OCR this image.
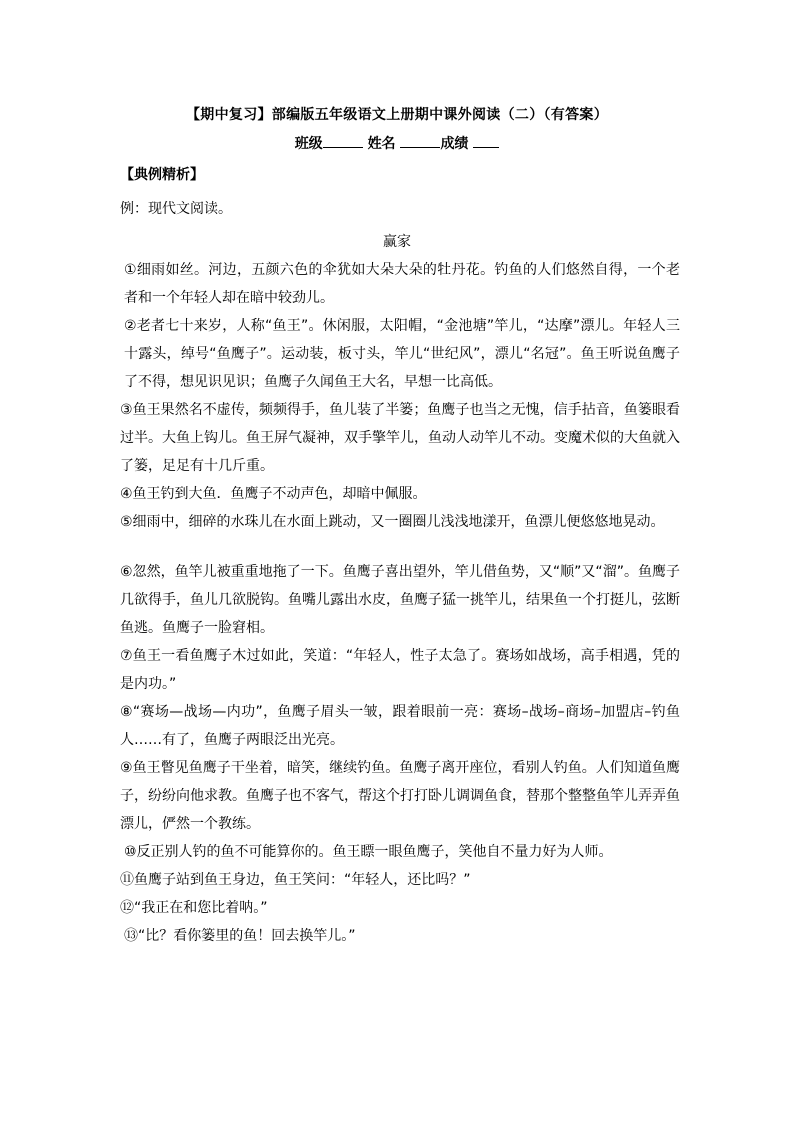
【期中复习】部编版五年级语文上册期中课外阅读（二）（有答案）
班级	姓名	成绩
【典例精析】
例：现代文阅读。
赢家

①细雨如丝。河边，五颜六色的伞犹如大朵大朵的牡丹花。钓鱼的人们悠然自得，一个老者和一个年轻人却在暗中较劲儿。

②老者七十来岁，人称“鱼王”。休闲服，太阳帽，“金池塘”竿儿，“达摩”漂儿。年轻人三十露头，绰号“鱼鹰子”。运动装，板寸头，竿儿“世纪风”，漂儿“名冠”。鱼王听说鱼鹰子了不得，想见识见识；鱼鹰子久闻鱼王大名，早想一比高低。

③鱼王果然名不虚传，频频得手，鱼儿装了半篓；鱼鹰子也当之无愧，信手拈音，鱼篓眼看过半。大鱼上钩儿。鱼王屏气凝神，双手擎竿儿，鱼动人动竿儿不动。变魔术似的大鱼就入了篓，足足有十几斤重。

④鱼王钓到大鱼．鱼鹰子不动声色，却暗中佩服。

⑤细雨中，细碎的水珠儿在水面上跳动，又一圈圈儿浅浅地漾开，鱼漂儿便悠悠地晃动。

⑥忽然，鱼竿儿被重重地拖了一下。鱼鹰子喜出望外，竿儿借鱼势，又“顺”又“溜”。鱼鹰子几欲得手，鱼儿几欲脱钩。鱼嘴儿露出水皮，鱼鹰子猛一挑竿儿，结果鱼一个打挺儿，弦断鱼逃。鱼鹰子一脸窘相。

⑦鱼王一看鱼鹰子木过如此，笑道：“年轻人，性子太急了。赛场如战场，高手相遇，凭的是内功。”

⑧“赛场—战场—内功”，鱼鹰子眉头一皱，跟着眼前一亮：赛场–战场–商场–加盟店–钓鱼人……有了，鱼鹰子两眼泛出光亮。

⑨鱼王瞥见鱼鹰子干坐着，暗笑，继续钓鱼。鱼鹰子离开座位，看别人钓鱼。人们知道鱼鹰子，纷纷向他求教。鱼鹰子也不客气，帮这个打打卧儿调调鱼食，替那个整整鱼竿儿弄弄鱼漂儿，俨然一个教练。

⑩反正别人钓的鱼不可能算你的。鱼王瞟一眼鱼鹰子，笑他自不量力好为人师。

⑪鱼鹰子站到鱼王身边，鱼王笑问：“年轻人，还比吗？”

⑫“我正在和您比着呐。”

⑬“比？看你篓里的鱼！回去换竿儿。”
